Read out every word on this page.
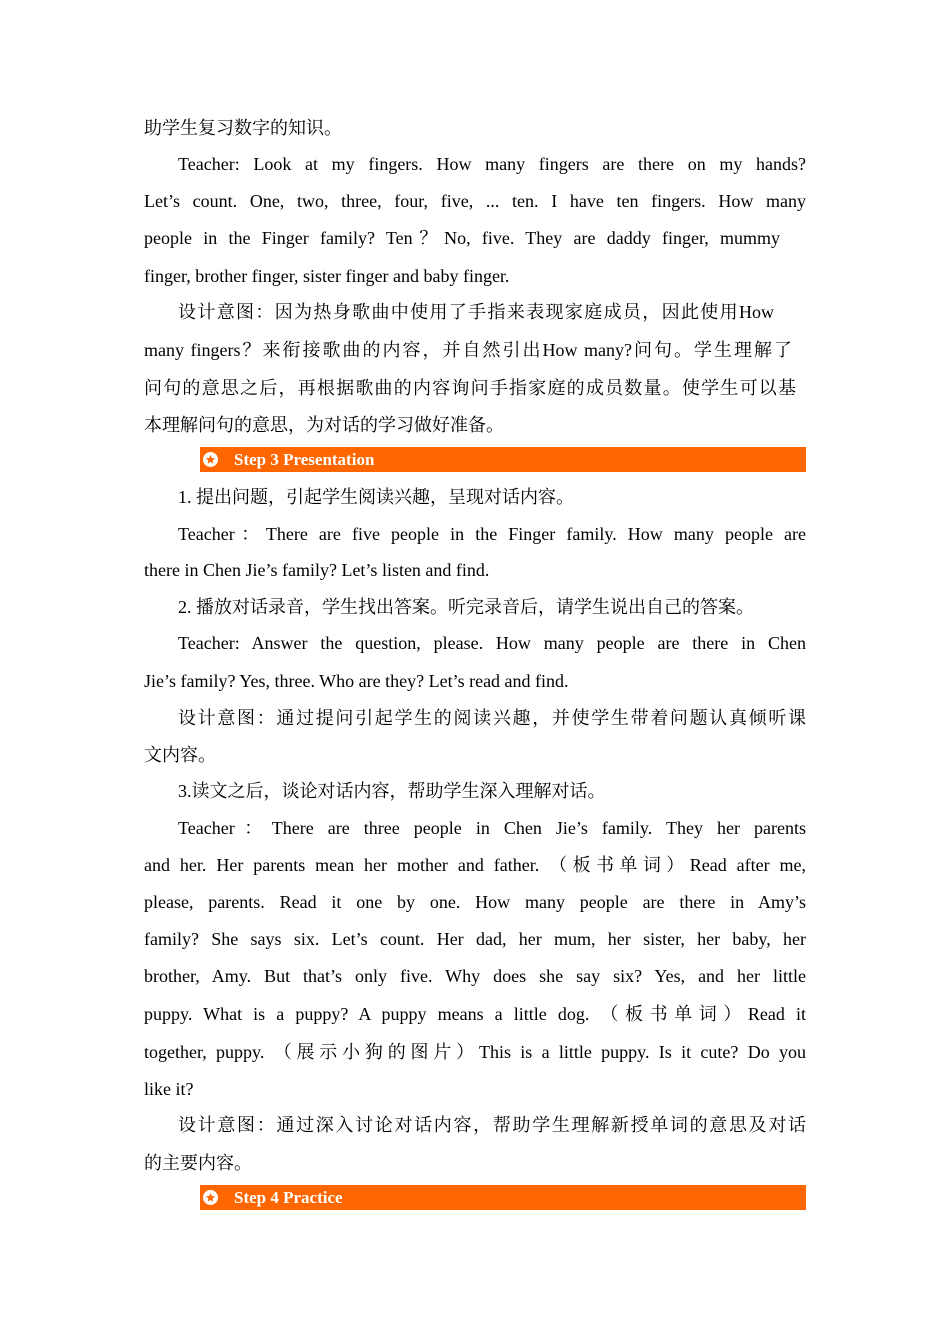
助学生复习数字的知识。
Teacher: Look at my fingers. How many fingers are there on my hands?
Let’s count. One, two, three, four, five, ... ten. I have ten fingers. How many
people in the Finger family? Ten？No, five. They are daddy finger, mummy
finger, brother finger, sister finger and baby finger.
设计意图：因为热身歌曲中使用了手指来表现家庭成员，因此使用How
many fingers？来衔接歌曲的内容，并自然引出How many?问句。学生理解了
问句的意思之后，再根据歌曲的内容询问手指家庭的成员数量。使学生可以基
本理解问句的意思，为对话的学习做好准备。
Step 3 Presentation
1. 提出问题，引起学生阅读兴趣，呈现对话内容。
Teacher：There are five people in the Finger family. How many people are
there in Chen Jie’s family? Let’s listen and find.
2. 播放对话录音，学生找出答案。听完录音后，请学生说出自己的答案。
Teacher: Answer the question, please. How many people are there in Chen
Jie’s family? Yes, three. Who are they? Let’s read and find.
设计意图：通过提问引起学生的阅读兴趣，并使学生带着问题认真倾听课
文内容。
3.读文之后，谈论对话内容，帮助学生深入理解对话。
Teacher：There are three people in Chen Jie’s family. They her parents
and her. Her parents mean her mother and father. （板书单词）Read after me,
please, parents. Read it one by one. How many people are there in Amy’s
family? She says six. Let’s count. Her dad, her mum, her sister, her baby, her
brother, Amy. But that’s only five. Why does she say six? Yes, and her little
puppy. What is a puppy? A puppy means a little dog. （板书单词）Read it
together, puppy. （展示小狗的图片）This is a little puppy. Is it cute? Do you
like it?
设计意图：通过深入讨论对话内容，帮助学生理解新授单词的意思及对话
的主要内容。
Step 4 Practice
